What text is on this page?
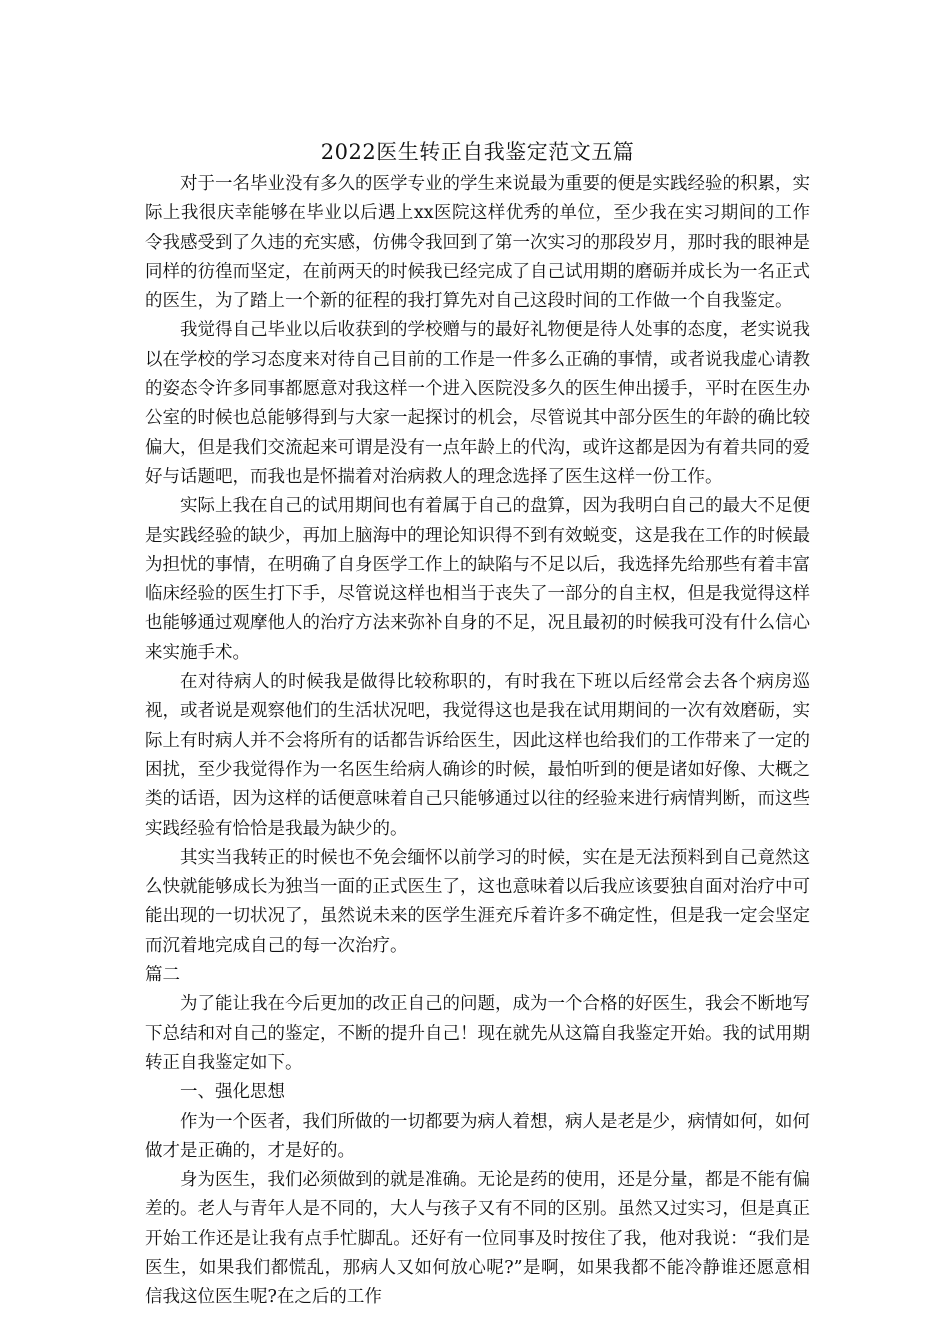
2022医生转正自我鉴定范文五篇

对于一名毕业没有多久的医学专业的学生来说最为重要的便是实践经验的积累，实际上我很庆幸能够在毕业以后遇上xx医院这样优秀的单位，至少我在实习期间的工作令我感受到了久违的充实感，仿佛令我回到了第一次实习的那段岁月，那时我的眼神是同样的彷徨而坚定，在前两天的时候我已经完成了自己试用期的磨砺并成长为一名正式的医生，为了踏上一个新的征程的我打算先对自己这段时间的工作做一个自我鉴定。

我觉得自己毕业以后收获到的学校赠与的最好礼物便是待人处事的态度，老实说我以在学校的学习态度来对待自己目前的工作是一件多么正确的事情，或者说我虚心请教的姿态令许多同事都愿意对我这样一个进入医院没多久的医生伸出援手，平时在医生办公室的时候也总能够得到与大家一起探讨的机会，尽管说其中部分医生的年龄的确比较偏大，但是我们交流起来可谓是没有一点年龄上的代沟，或许这都是因为有着共同的爱好与话题吧，而我也是怀揣着对治病救人的理念选择了医生这样一份工作。

实际上我在自己的试用期间也有着属于自己的盘算，因为我明白自己的最大不足便是实践经验的缺少，再加上脑海中的理论知识得不到有效蜕变，这是我在工作的时候最为担忧的事情，在明确了自身医学工作上的缺陷与不足以后，我选择先给那些有着丰富临床经验的医生打下手，尽管说这样也相当于丧失了一部分的自主权，但是我觉得这样也能够通过观摩他人的治疗方法来弥补自身的不足，况且最初的时候我可没有什么信心来实施手术。

在对待病人的时候我是做得比较称职的，有时我在下班以后经常会去各个病房巡视，或者说是观察他们的生活状况吧，我觉得这也是我在试用期间的一次有效磨砺，实际上有时病人并不会将所有的话都告诉给医生，因此这样也给我们的工作带来了一定的困扰，至少我觉得作为一名医生给病人确诊的时候，最怕听到的便是诸如好像、大概之类的话语，因为这样的话便意味着自己只能够通过以往的经验来进行病情判断，而这些实践经验有恰恰是我最为缺少的。

其实当我转正的时候也不免会缅怀以前学习的时候，实在是无法预料到自己竟然这么快就能够成长为独当一面的正式医生了，这也意味着以后我应该要独自面对治疗中可能出现的一切状况了，虽然说未来的医学生涯充斥着许多不确定性，但是我一定会坚定而沉着地完成自己的每一次治疗。

篇二

为了能让我在今后更加的改正自己的问题，成为一个合格的好医生，我会不断地写下总结和对自己的鉴定，不断的提升自己！现在就先从这篇自我鉴定开始。我的试用期转正自我鉴定如下。

一、强化思想

作为一个医者，我们所做的一切都要为病人着想，病人是老是少，病情如何，如何做才是正确的，才是好的。

身为医生，我们必须做到的就是准确。无论是药的使用，还是分量，都是不能有偏差的。老人与青年人是不同的，大人与孩子又有不同的区别。虽然又过实习，但是真正开始工作还是让我有点手忙脚乱。还好有一位同事及时按住了我，他对我说：“我们是医生，如果我们都慌乱，那病人又如何放心呢?”是啊，如果我都不能冷静谁还愿意相信我这位医生呢?在之后的工作
